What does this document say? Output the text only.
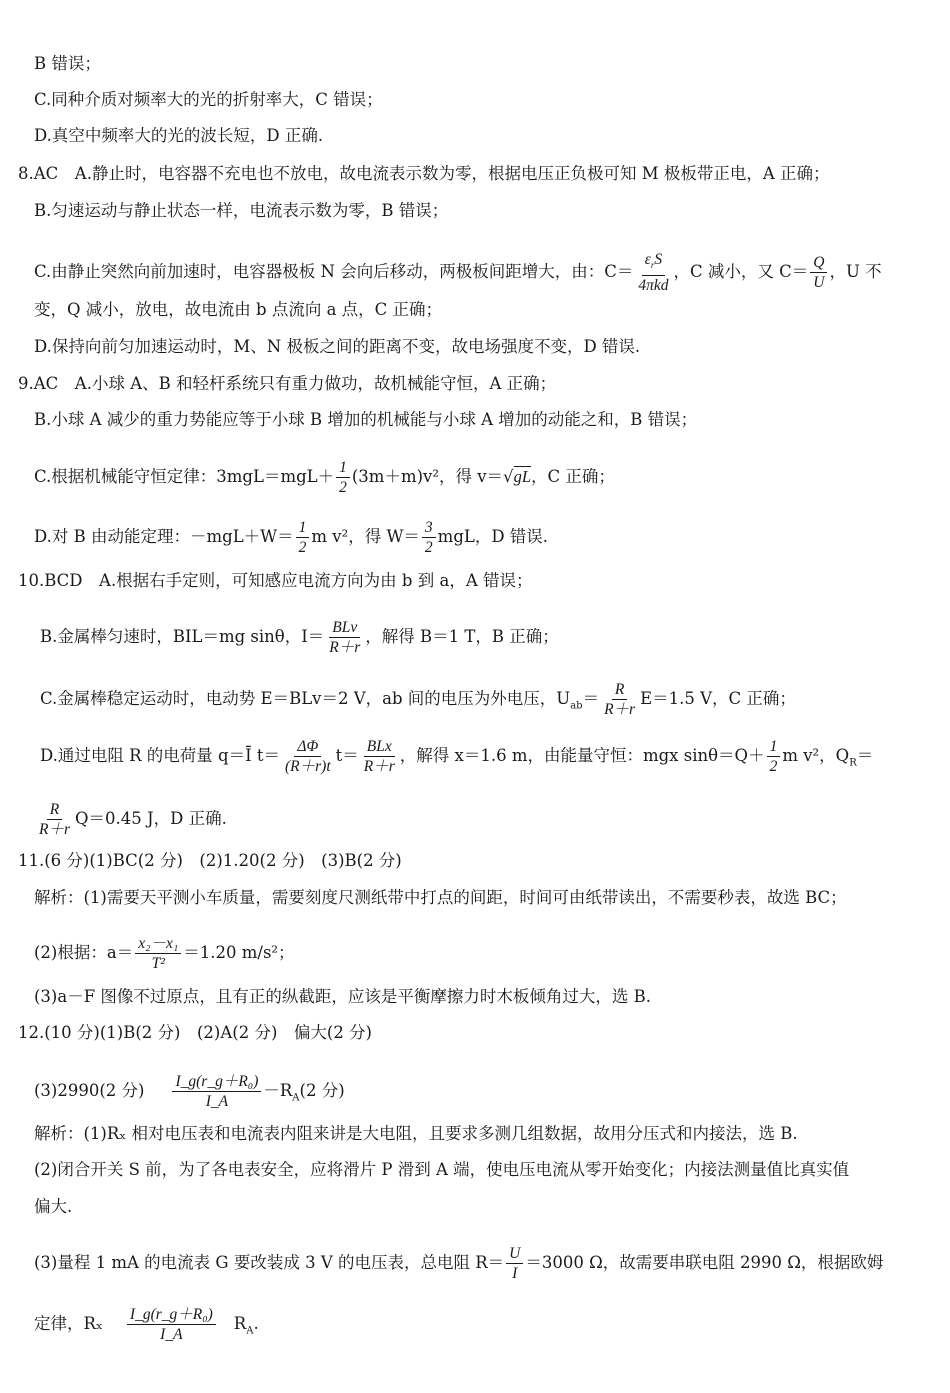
B 错误；
C.同种介质对频率大的光的折射率大，C 错误；
D.真空中频率大的光的波长短，D 正确.
8.AC　A.静止时，电容器不充电也不放电，故电流表示数为零，根据电压正负极可知 M 极板带正电，A 正确；
B.匀速运动与静止状态一样，电流表示数为零，B 错误；
C.由静止突然向前加速时，电容器极板 N 会向后移动，两极板间距增大，由：$C= \frac{\varepsilon_rS}{\text{4πkd}}$ ，C 减小，又 $C= \frac{Q}{U}$ ，U 不
变，Q 减小，放电，故电流由 b 点流向 a 点，C 正确；
D.保持向前匀加速运动时，M、N 极板之间的距离不变，故电场强度不变，D 错误.
9.AC　A.小球 A、B 和轻杆系统只有重力做功，故机械能守恒，A 正确；
B.小球 A 减少的重力势能应等于小球 B 增加的机械能与小球 A 增加的动能之和，B 错误；
C.根据机械能守恒定律：$3mgL=mgL+ \frac{1}{2} (3m+m)v^2$，得 v＝√gL，C 正确；
D.对 B 由动能定理：$-mgL+W= \frac{1}{2}$ m v²，得 $W= \frac{3}{2}$ mgL，D 错误.
10.BCD　A.根据右手定则，可知感应电流方向为由 b 到 a，A 错误；
B.金属棒匀速时，BIL＝mg sinθ，$I= \frac{\text{BLv}}{R+r}$ ，解得 B＝1 T，B 正确；
C.金属棒稳定运动时，电动势 E＝BLv＝2 V，ab 间的电压为外电压，$U_{ab}= \frac{R}{R+r} E=1.5$ V，C 正确；
D.通过电阻 R 的电荷量 q＝Ī $t= \frac{\Delta\Phi}{(R+r)t} t= \frac{\text{BLx}}{R+r}$ ，解得 x＝1.6 m，由能量守恒：mgx $\sin\theta=Q+ \frac{1}{2}$ m v²，$Q_R=$
$\frac{R}{R+r} Q=0.45$ J，D 正确.
11.(6 分)(1)BC(2 分)　(2)1.20(2 分)　(3)B(2 分)
解析：(1)需要天平测小车质量，需要刻度尺测纸带中打点的间距，时间可由纸带读出，不需要秒表，故选 BC；
(2)根据：$a= \frac{\text{x₂－x₁}}{\text{T²}} =1.20$ m/s²；
(3)a－F 图像不过原点，且有正的纵截距，应该是平衡摩擦力时木板倾角过大，选 B.
12.(10 分)(1)B(2 分)　(2)A(2 分)　偏大(2 分)
(3)2990(2 分) $\frac{\text{I\_g(r\_g＋R₀)}}{I\_A} -R_A(2$ 分)
解析：(1)Rₓ 相对电压表和电流表内阻来讲是大电阻，且要求多测几组数据，故用分压式和内接法，选 B.
(2)闭合开关 S 前，为了各电表安全，应将滑片 P 滑到 A 端，使电压电流从零开始变化；内接法测量值比真实值
偏大.
(3)量程 1 mA 的电流表 G 要改装成 3 V 的电压表，总电阻 $R= \frac{U}{I} =3000$ Ω，故需要串联电阻 2990 Ω，根据欧姆
定律，Rₓ $\frac{\text{I\_g(r\_g＋R₀)}}{I\_A} R_A$.
